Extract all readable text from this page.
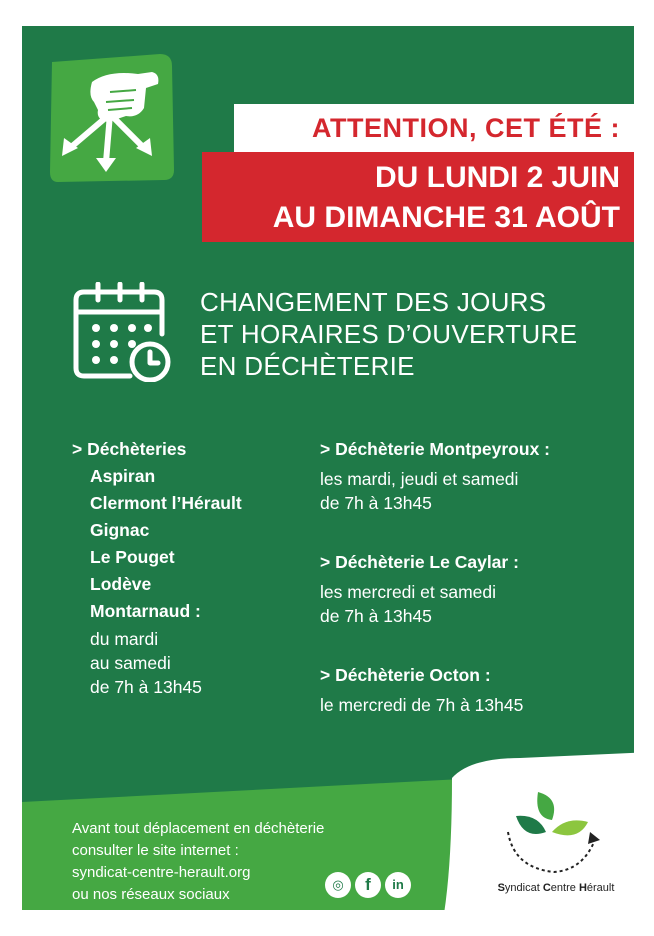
ATTENTION, CET ÉTÉ :
DU LUNDI 2 JUIN
AU DIMANCHE 31 AOÛT
CHANGEMENT DES JOURS
ET HORAIRES D’OUVERTURE
EN DÉCHÈTERIE
> Déchèteries
Aspiran
Clermont l’Hérault
Gignac
Le Pouget
Lodève
Montarnaud :
du mardi
au samedi
de 7h à 13h45
> Déchèterie Montpeyroux :
les mardi, jeudi et samedi
de 7h à 13h45
> Déchèterie Le Caylar :
les mercredi et samedi
de 7h à 13h45
> Déchèterie Octon :
le mercredi de 7h à 13h45
Avant tout déplacement en déchèterie
consulter le site internet :
syndicat-centre-herault.org
ou nos réseaux sociaux
◎	f	in	Syndicat Centre Hérault
